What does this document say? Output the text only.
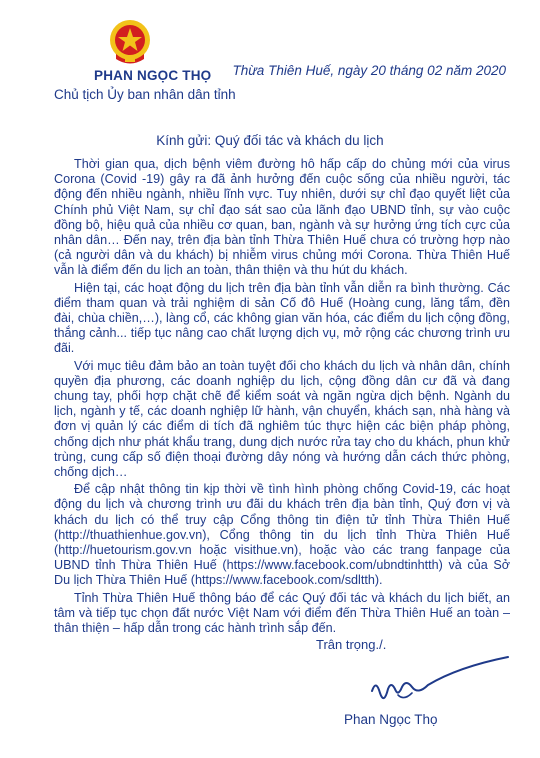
PHAN NGỌC THỌ
Chủ tịch Ủy ban nhân dân tỉnh
Thừa Thiên Huế, ngày 20 tháng 02 năm 2020
Kính gửi: Quý đối tác và khách du lịch

Thời gian qua, dịch bệnh viêm đường hô hấp cấp do chủng mới của virus Corona (Covid -19) gây ra đã ảnh hưởng đến cuộc sống của nhiều người, tác động đến nhiều ngành, nhiều lĩnh vực. Tuy nhiên, dưới sự chỉ đạo quyết liệt của Chính phủ Việt Nam, sự chỉ đạo sát sao của lãnh đạo UBND tỉnh, sự vào cuộc đồng bộ, hiệu quả của nhiều cơ quan, ban, ngành và sự hưởng ứng tích cực của nhân dân… Đến nay, trên địa bàn tỉnh Thừa Thiên Huế chưa có trường hợp nào (cả người dân và du khách) bị nhiễm virus chủng mới Corona. Thừa Thiên Huế vẫn là điểm đến du lịch an toàn, thân thiện và thu hút du khách.

Hiện tại, các hoạt động du lịch trên địa bàn tỉnh vẫn diễn ra bình thường. Các điểm tham quan và trải nghiệm di sản Cố đô Huế (Hoàng cung, lăng tẩm, đền đài, chùa chiền,…), làng cổ, các không gian văn hóa, các điểm du lịch cộng đồng, thắng cảnh... tiếp tục nâng cao chất lượng dịch vụ, mở rộng các chương trình ưu đãi.

Với mục tiêu đảm bảo an toàn tuyệt đối cho khách du lịch và nhân dân, chính quyền địa phương, các doanh nghiệp du lịch, cộng đồng dân cư đã và đang chung tay, phối hợp chặt chẽ để kiểm soát và ngăn ngừa dịch bệnh. Ngành du lịch, ngành y tế, các doanh nghiệp lữ hành, vận chuyển, khách sạn, nhà hàng và đơn vị quản lý các điểm di tích đã nghiêm túc thực hiện các biện pháp phòng, chống dịch như phát khẩu trang, dung dịch nước rửa tay cho du khách, phun khử trùng, cung cấp số điện thoại đường dây nóng và hướng dẫn cách thức phòng, chống dịch…

Để cập nhật thông tin kịp thời về tình hình phòng chống Covid-19, các hoạt động du lịch và chương trình ưu đãi du khách trên địa bàn tỉnh, Quý đơn vị và khách du lịch có thể truy cập Cổng thông tin điện tử tỉnh Thừa Thiên Huế (http://thuathienhue.gov.vn), Cổng thông tin du lịch tỉnh Thừa Thiên Huế (http://huetourism.gov.vn hoặc visithue.vn), hoặc vào các trang fanpage của UBND tỉnh Thừa Thiên Huế (https://www.facebook.com/ubndtinhtth) và của Sở Du lịch Thừa Thiên Huế (https://www.facebook.com/sdltth).

Tỉnh Thừa Thiên Huế thông báo để các Quý đối tác và khách du lịch biết, an tâm và tiếp tục chọn đất nước Việt Nam với điểm đến Thừa Thiên Huế an toàn – thân thiện – hấp dẫn trong các hành trình sắp đến.

Trân trọng./.
Phan Ngọc Thọ
